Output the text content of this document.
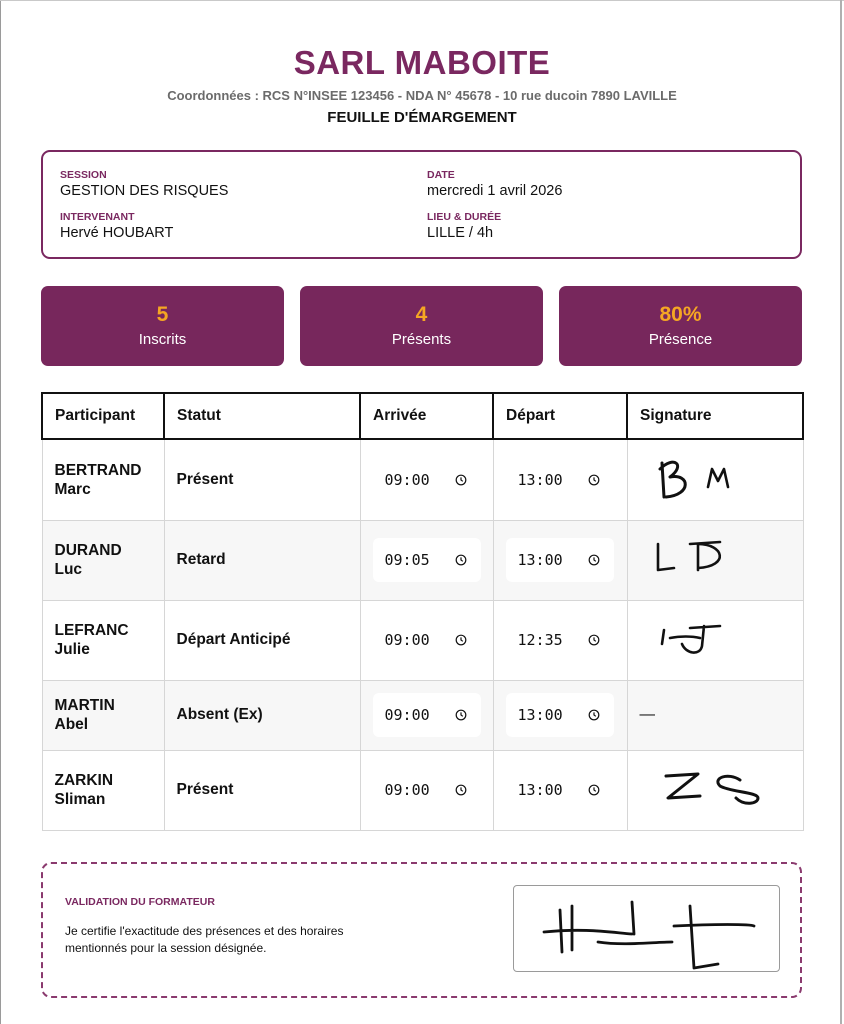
SARL MABOITE
Coordonnées : RCS N°INSEE 123456 - NDA N° 45678 - 10 rue ducoin 7890 LAVILLE
FEUILLE D'ÉMARGEMENT
SESSION
GESTION DES RISQUES
DATE
mercredi 1 avril 2026
INTERVENANT
Hervé HOUBART
LIEU & DURÉE
LILLE / 4h
5
Inscrits
4
Présents
80%
Présence
Participant	Statut	Arrivée	Départ	Signature

BERTRAND
Marc	Présent	09:00	13:00

DURAND
Luc	Retard	09:05	13:00

LEFRANC
Julie	Départ Anticipé	09:00	12:35

MARTIN
Abel	Absent (Ex)	09:00	13:00	—

ZARKIN
Sliman	Présent	09:00	13:00

VALIDATION DU FORMATEUR
Je certifie l'exactitude des présences et des horaires mentionnés pour la session désignée.
